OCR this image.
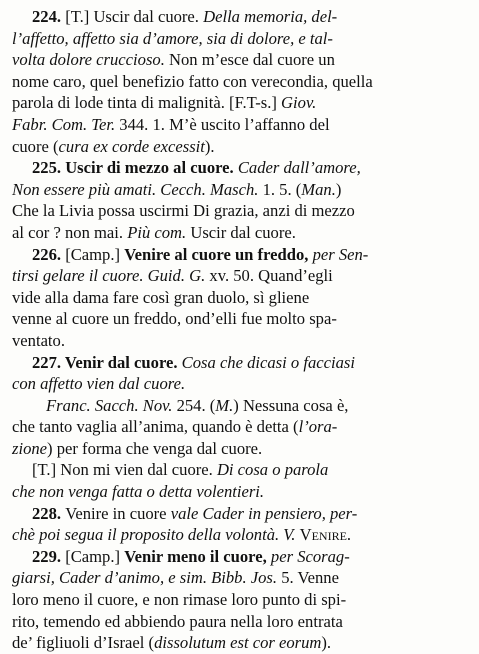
224. [T.] Uscir dal cuore. Della memoria, del-
l’affetto, affetto sia d’amore, sia di dolore, e tal-
volta dolore cruccioso. Non m’esce dal cuore un
nome caro, quel benefizio fatto con verecondia, quella
parola di lode tinta di malignità. [F.T-s.] Giov.
Fabr. Com. Ter. 344. 1. M’è uscito l’affanno del
cuore (cura ex corde excessit).
225. Uscir di mezzo al cuore. Cader dall’amore,
Non essere più amati. Cecch. Masch. 1. 5. (Man.)
Che la Livia possa uscirmi Di grazia, anzi di mezzo
al cor ? non mai. Più com. Uscir dal cuore.
226. [Camp.] Venire al cuore un freddo, per Sen-
tirsi gelare il cuore. Guid. G. xv. 50. Quand’egli
vide alla dama fare così gran duolo, sì gliene
venne al cuore un freddo, ond’elli fue molto spa-
ventato.
227. Venir dal cuore. Cosa che dicasi o facciasi
con affetto vien dal cuore.
Franc. Sacch. Nov. 254. (M.) Nessuna cosa è,
che tanto vaglia all’anima, quando è detta (l’ora-
zione) per forma che venga dal cuore.
[T.] Non mi vien dal cuore. Di cosa o parola
che non venga fatta o detta volentieri.
228. Venire in cuore vale Cader in pensiero, per-
chè poi segua il proposito della volontà. V. Venire.
229. [Camp.] Venir meno il cuore, per Scorag-
giarsi, Cader d’animo, e sim. Bibb. Jos. 5. Venne
loro meno il cuore, e non rimase loro punto di spi-
rito, temendo ed abbiendo paura nella loro entrata
de’ figliuoli d’Israel (dissolutum est cor eorum).
